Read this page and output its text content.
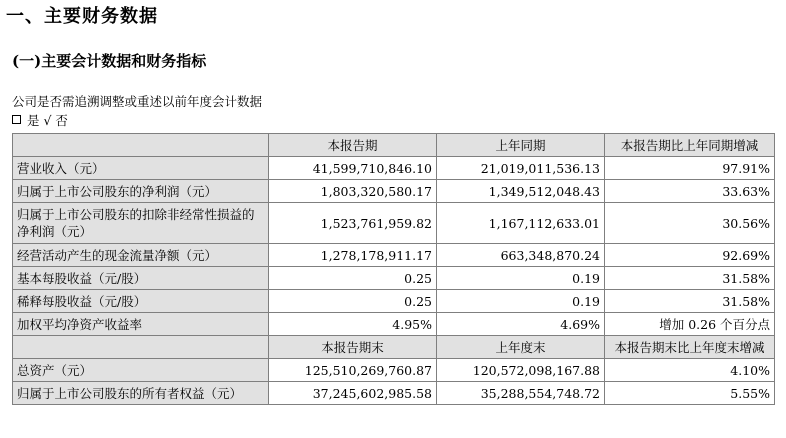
一、主要财务数据
(一)主要会计数据和财务指标
公司是否需追溯调整或重述以前年度会计数据
是 √ 否
	本报告期	上年同期	本报告期比上年同期增减
营业收入（元）	41,599,710,846.10	21,019,011,536.13	97.91%
归属于上市公司股东的净利润（元）	1,803,320,580.17	1,349,512,048.43	33.63%
归属于上市公司股东的扣除非经常性损益的净利润（元）	1,523,761,959.82	1,167,112,633.01	30.56%
经营活动产生的现金流量净额（元）	1,278,178,911.17	663,348,870.24	92.69%
基本每股收益（元/股）	0.25	0.19	31.58%
稀释每股收益（元/股）	0.25	0.19	31.58%
加权平均净资产收益率	4.95%	4.69%	增加 0.26 个百分点
	本报告期末	上年度末	本报告期末比上年度末增减
总资产（元）	125,510,269,760.87	120,572,098,167.88	4.10%
归属于上市公司股东的所有者权益（元）	37,245,602,985.58	35,288,554,748.72	5.55%
